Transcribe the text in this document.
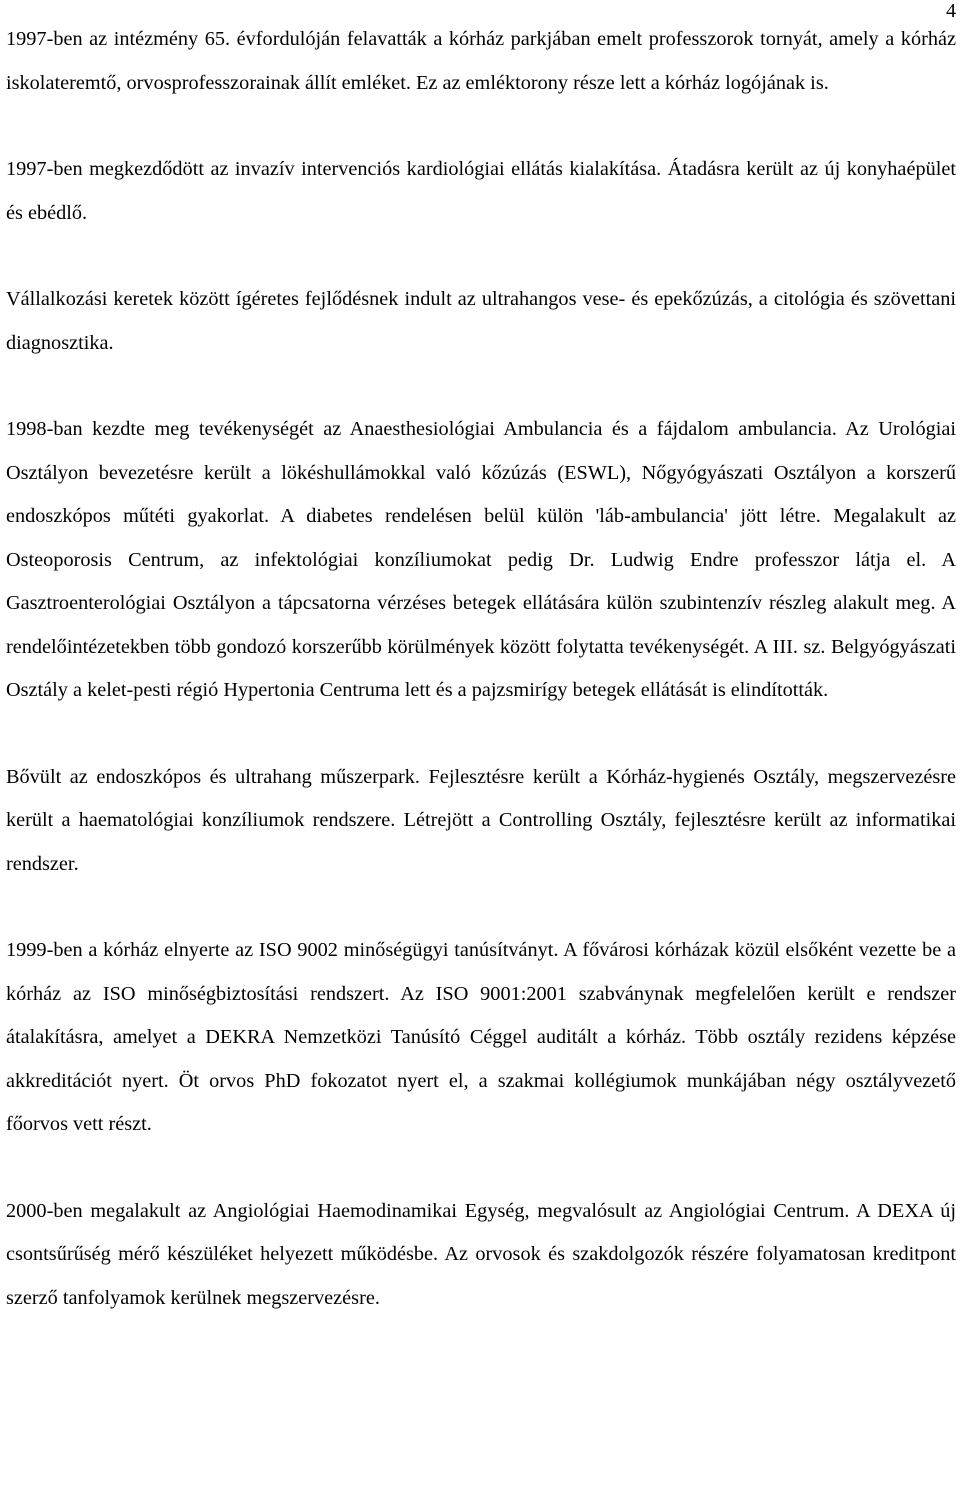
4

1997-ben az intézmény 65. évfordulóján felavatták a kórház parkjában emelt professzorok tornyát, amely a kórház iskolateremtő, orvosprofesszorainak állít emléket. Ez az emléktorony része lett a kórház logójának is.

1997-ben megkezdődött az invazív intervenciós kardiológiai ellátás kialakítása. Átadásra került az új konyhaépület és ebédlő.

Vállalkozási keretek között ígéretes fejlődésnek indult az ultrahangos vese- és epekőzúzás, a citológia és szövettani diagnosztika.

1998-ban kezdte meg tevékenységét az Anaesthesiológiai Ambulancia és a fájdalom ambulancia. Az Urológiai Osztályon bevezetésre került a lökéshullámokkal való kőzúzás (ESWL), Nőgyógyászati Osztályon a korszerű endoszkópos műtéti gyakorlat. A diabetes rendelésen belül külön 'láb-ambulancia' jött létre. Megalakult az Osteoporosis Centrum, az infektológiai konzíliumokat pedig Dr. Ludwig Endre professzor látja el. A Gasztroenterológiai Osztályon a tápcsatorna vérzéses betegek ellátására külön szubintenzív részleg alakult meg. A rendelőintézetekben több gondozó korszerűbb körülmények között folytatta tevékenységét. A III. sz. Belgyógyászati Osztály a kelet-pesti régió Hypertonia Centruma lett és a pajzsmirígy betegek ellátását is elindították.

Bővült az endoszkópos és ultrahang műszerpark. Fejlesztésre került a Kórház-hygienés Osztály, megszervezésre került a haematológiai konzíliumok rendszere. Létrejött a Controlling Osztály, fejlesztésre került az informatikai rendszer.

1999-ben a kórház elnyerte az ISO 9002 minőségügyi tanúsítványt. A fővárosi kórházak közül elsőként vezette be a kórház az ISO minőségbiztosítási rendszert. Az ISO 9001:2001 szabványnak megfelelően került e rendszer átalakításra, amelyet a DEKRA Nemzetközi Tanúsító Céggel auditált a kórház. Több osztály rezidens képzése akkreditációt nyert. Öt orvos PhD fokozatot nyert el, a szakmai kollégiumok munkájában négy osztályvezető főorvos vett részt.

2000-ben megalakult az Angiológiai Haemodinamikai Egység, megvalósult az Angiológiai Centrum. A DEXA új csontsűrűség mérő készüléket helyezett működésbe. Az orvosok és szakdolgozók részére folyamatosan kreditpont szerző tanfolyamok kerülnek megszervezésre.
